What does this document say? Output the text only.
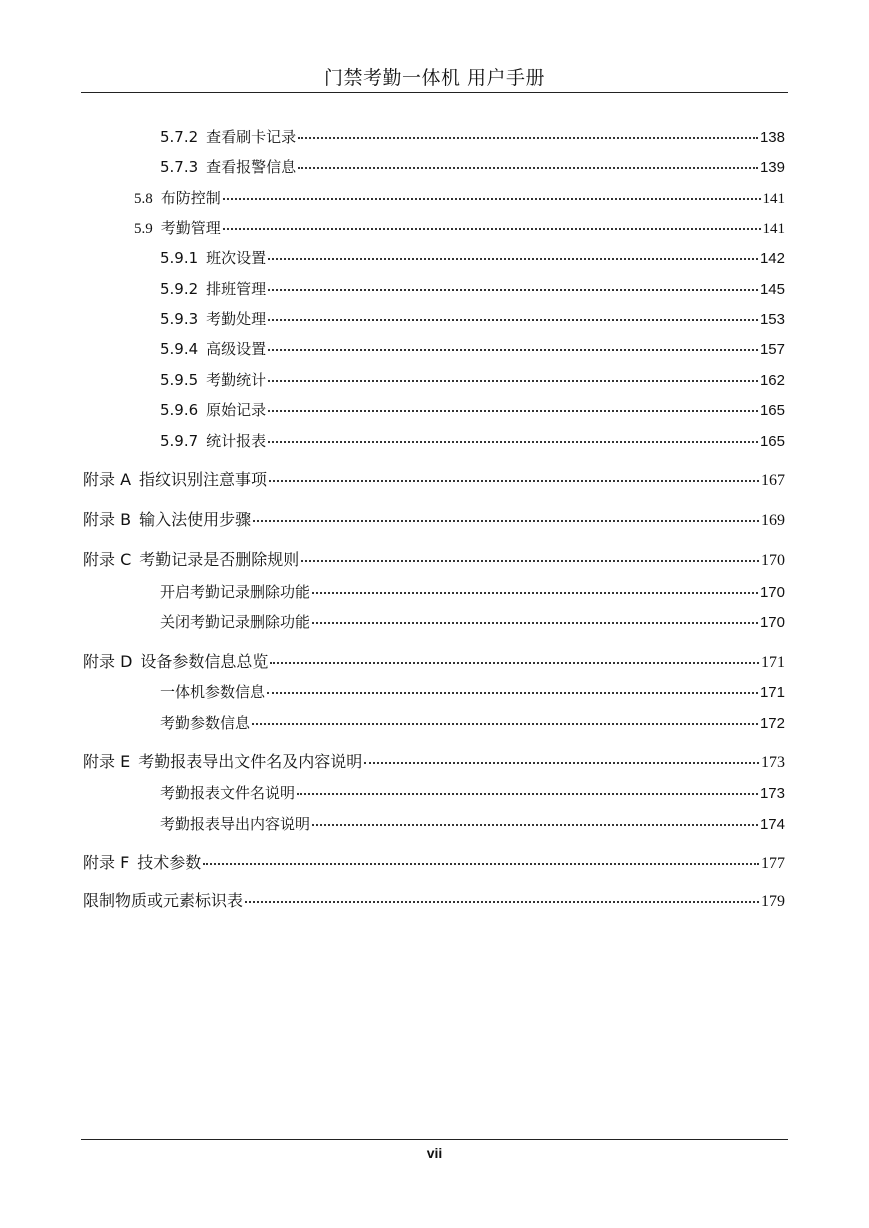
门禁考勤一体机 用户手册
5.7.2 查看刷卡记录	138
5.7.3 查看报警信息	139
5.8 布防控制	141
5.9 考勤管理	141
5.9.1 班次设置	142
5.9.2 排班管理	145
5.9.3 考勤处理	153
5.9.4 高级设置	157
5.9.5 考勤统计	162
5.9.6 原始记录	165
5.9.7 统计报表	165
附录 A 指纹识别注意事项	167
附录 B 输入法使用步骤	169
附录 C 考勤记录是否删除规则	170
开启考勤记录删除功能	170
关闭考勤记录删除功能	170
附录 D 设备参数信息总览	171
一体机参数信息	171
考勤参数信息	172
附录 E 考勤报表导出文件名及内容说明	173
考勤报表文件名说明	173
考勤报表导出内容说明	174
附录 F 技术参数	177
限制物质或元素标识表	179
vii
